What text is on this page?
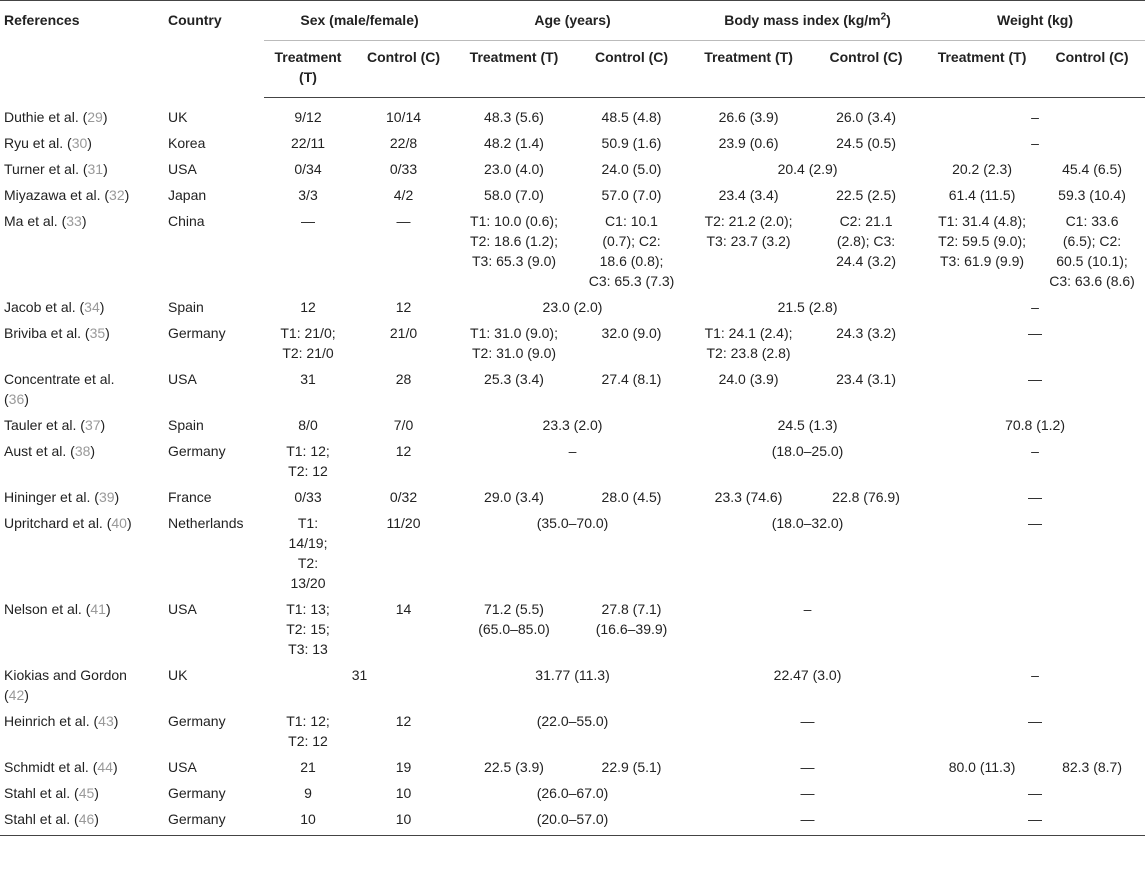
References	Country	Sex (male/female)		Age (years)		Body mass index $(kg/m^2)$		Weight (kg)	
		Treatment (T)	Control (C)	Treatment (T)	Control (C)	Treatment (T)	Control (C)	Treatment (T)	Control (C)
Duthie et al. (29)	UK	9/12	10/14	48.3 (5.6)	48.5 (4.8)	26.6 (3.9)	26.0 (3.4)	–	
Ryu et al. (30)	Korea	22/11	22/8	48.2 (1.4)	50.9 (1.6)	23.9 (0.6)	24.5 (0.5)	–	
Turner et al. (31)	USA	0/34	0/33	23.0 (4.0)	24.0 (5.0)	20.4 (2.9)		20.2 (2.3)	45.4 (6.5)
Miyazawa et al. (32)	Japan	3/3	4/2	58.0 (7.0)	57.0 (7.0)	23.4 (3.4)	22.5 (2.5)	61.4 (11.5)	59.3 (10.4)
Ma et al. (33)	China	—	—	T1: 10.0 (0.6);
T2: 18.6 (1.2);
T3: 65.3 (9.0)	C1: 10.1
(0.7); C2:
18.6 (0.8);
C3: 65.3 (7.3)	T2: 21.2 (2.0);
T3: 23.7 (3.2)	C2: 21.1
(2.8); C3:
24.4 (3.2)	T1: 31.4 (4.8);
T2: 59.5 (9.0);
T3: 61.9 (9.9)	C1: 33.6
(6.5); C2:
60.5 (10.1);
C3: 63.6 (8.6)
Jacob et al. (34)	Spain	12	12	23.0 (2.0)		21.5 (2.8)		–	
Briviba et al. (35)	Germany	T1: 21/0;
T2: 21/0	21/0	T1: 31.0 (9.0);
T2: 31.0 (9.0)	32.0 (9.0)	T1: 24.1 (2.4);
T2: 23.8 (2.8)	24.3 (3.2)	—	
Concentrate et al.
(36)	USA	31	28	25.3 (3.4)	27.4 (8.1)	24.0 (3.9)	23.4 (3.1)	—	
Tauler et al. (37)	Spain	8/0	7/0	23.3 (2.0)		24.5 (1.3)		70.8 (1.2)	
Aust et al. (38)	Germany	T1: 12;
T2: 12	12	–		(18.0–25.0)		–	
Hininger et al. (39)	France	0/33	0/32	29.0 (3.4)	28.0 (4.5)	23.3 (74.6)	22.8 (76.9)	—	
Upritchard et al. (40)	Netherlands	T1:
14/19;
T2:
13/20	11/20	(35.0–70.0)		(18.0–32.0)		—	
Nelson et al. (41)	USA	T1: 13;
T2: 15;
T3: 13	14	71.2 (5.5)
(65.0–85.0)	27.8 (7.1)
(16.6–39.9)	–			
Kiokias and Gordon
(42)	UK	31		31.77 (11.3)		22.47 (3.0)		–	
Heinrich et al. (43)	Germany	T1: 12;
T2: 12	12	(22.0–55.0)		—		—	
Schmidt et al. (44)	USA	21	19	22.5 (3.9)	22.9 (5.1)	—		80.0 (11.3)	82.3 (8.7)
Stahl et al. (45)	Germany	9	10	(26.0–67.0)		—		—	
Stahl et al. (46)	Germany	10	10	(20.0–57.0)		—		—	
